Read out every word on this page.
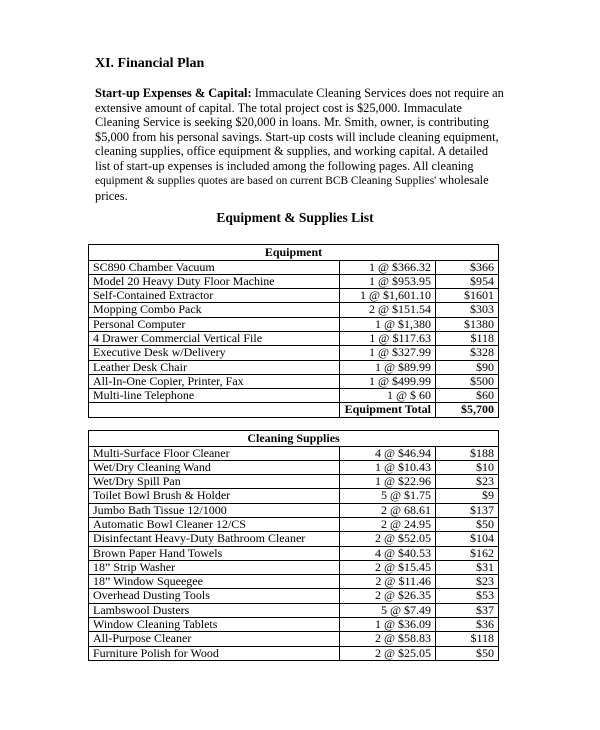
XI. Financial Plan
Start-up Expenses & Capital: Immaculate Cleaning Services does not require an extensive amount of capital. The total project cost is $25,000. Immaculate Cleaning Service is seeking $20,000 in loans. Mr. Smith, owner, is contributing $5,000 from his personal savings. Start-up costs will include cleaning equipment, cleaning supplies, office equipment & supplies, and working capital. A detailed list of start-up expenses is included among the following pages. All cleaning equipment & supplies quotes are based on current BCB Cleaning Supplies' wholesale prices.
Equipment & Supplies List
Equipment		
SC890 Chamber Vacuum	1 @ $366.32	$366
Model 20 Heavy Duty Floor Machine	1 @ $953.95	$954
Self-Contained Extractor	1 @ $1,601.10	$1601
Mopping Combo Pack	2 @ $151.54	$303
Personal Computer	1 @ $1,380	$1380
4 Drawer Commercial Vertical File	1 @ $117.63	$118
Executive Desk w/Delivery	1 @ $327.99	$328
Leather Desk Chair	1 @ $89.99	$90
All-In-One Copier, Printer, Fax	1 @ $499.99	$500
Multi-line Telephone	1 @ $ 60	$60
	Equipment Total	$5,700
Cleaning Supplies		
Multi-Surface Floor Cleaner	4 @ $46.94	$188
Wet/Dry Cleaning Wand	1 @ $10.43	$10
Wet/Dry Spill Pan	1 @ $22.96	$23
Toilet Bowl Brush & Holder	5 @ $1.75	$9
Jumbo Bath Tissue 12/1000	2 @ 68.61	$137
Automatic Bowl Cleaner 12/CS	2 @ 24.95	$50
Disinfectant Heavy-Duty Bathroom Cleaner	2 @ $52.05	$104
Brown Paper Hand Towels	4 @ $40.53	$162
18” Strip Washer	2 @ $15.45	$31
18” Window Squeegee	2 @ $11.46	$23
Overhead Dusting Tools	2 @ $26.35	$53
Lambswool Dusters	5 @ $7.49	$37
Window Cleaning Tablets	1 @ $36.09	$36
All-Purpose Cleaner	2 @ $58.83	$118
Furniture Polish for Wood	2 @ $25.05	$50
